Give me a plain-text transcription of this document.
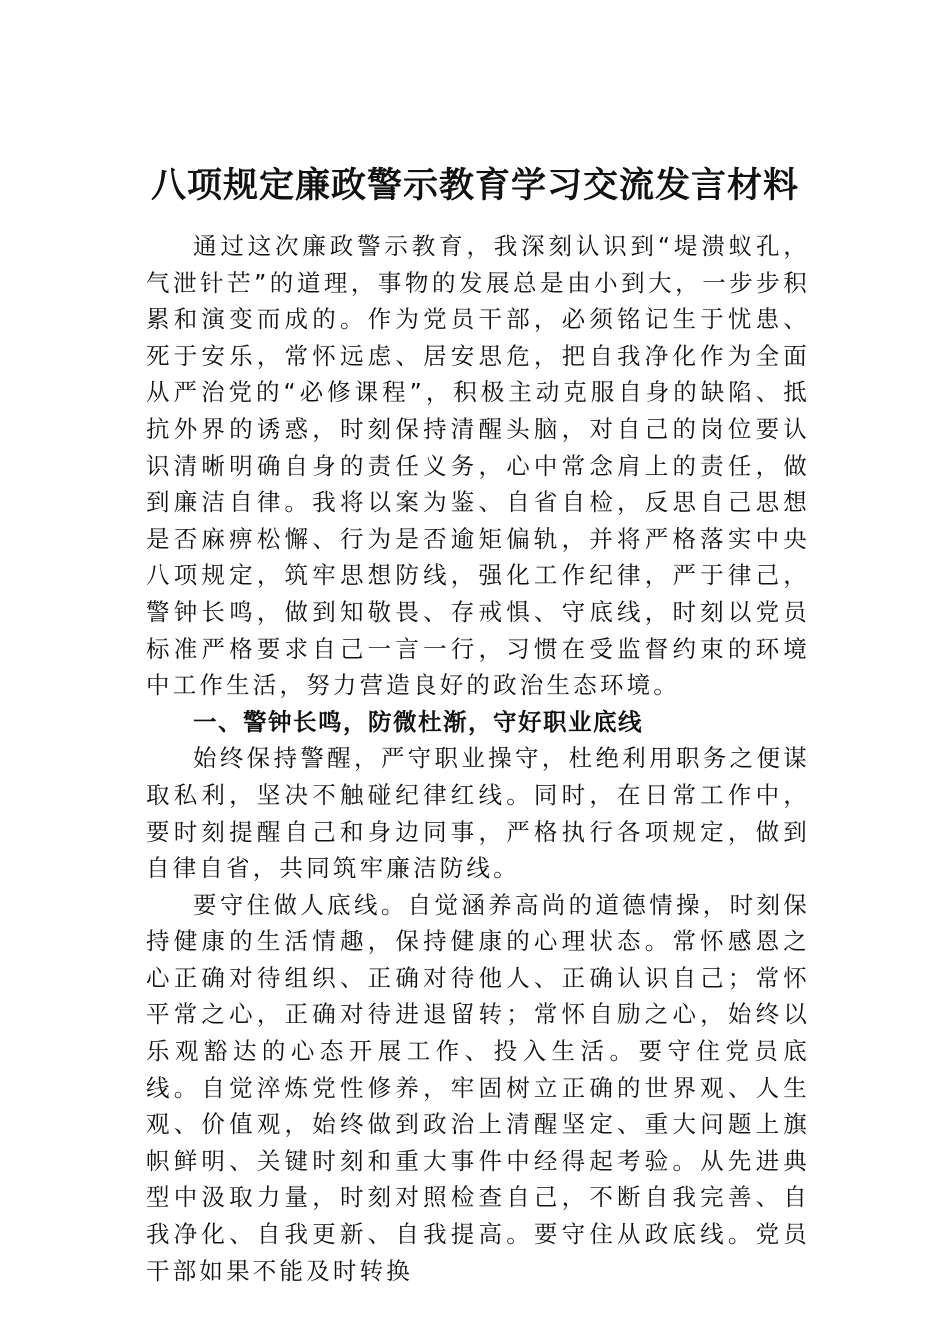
八项规定廉政警示教育学习交流发言材料

通过这次廉政警示教育，我深刻认识到“堤溃蚁孔，气泄针芒”的道理，事物的发展总是由小到大，一步步积累和演变而成的。作为党员干部，必须铭记生于忧患、死于安乐，常怀远虑、居安思危，把自我净化作为全面从严治党的“必修课程”，积极主动克服自身的缺陷、抵抗外界的诱惑，时刻保持清醒头脑，对自己的岗位要认识清晰明确自身的责任义务，心中常念肩上的责任，做到廉洁自律。我将以案为鉴、自省自检，反思自己思想是否麻痹松懈、行为是否逾矩偏轨，并将严格落实中央八项规定，筑牢思想防线，强化工作纪律，严于律己，警钟长鸣，做到知敬畏、存戒惧、守底线，时刻以党员标准严格要求自己一言一行，习惯在受监督约束的环境中工作生活，努力营造良好的政治生态环境。

一、警钟长鸣，防微杜渐，守好职业底线

始终保持警醒，严守职业操守，杜绝利用职务之便谋取私利，坚决不触碰纪律红线。同时，在日常工作中，要时刻提醒自己和身边同事，严格执行各项规定，做到自律自省，共同筑牢廉洁防线。

要守住做人底线。自觉涵养高尚的道德情操，时刻保持健康的生活情趣，保持健康的心理状态。常怀感恩之心正确对待组织、正确对待他人、正确认识自己；常怀平常之心，正确对待进退留转；常怀自励之心，始终以乐观豁达的心态开展工作、投入生活。要守住党员底线。自觉淬炼党性修养，牢固树立正确的世界观、人生观、价值观，始终做到政治上清醒坚定、重大问题上旗帜鲜明、关键时刻和重大事件中经得起考验。从先进典型中汲取力量，时刻对照检查自己，不断自我完善、自我净化、自我更新、自我提高。要守住从政底线。党员干部如果不能及时转换
